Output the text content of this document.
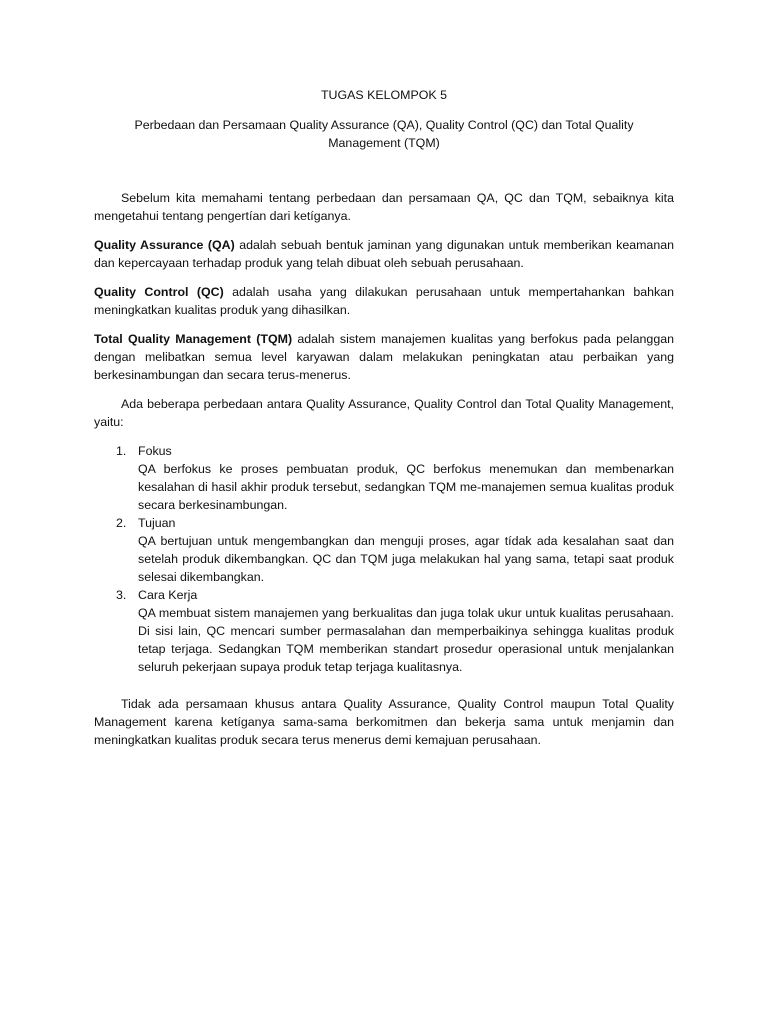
TUGAS KELOMPOK 5
Perbedaan dan Persamaan Quality Assurance (QA), Quality Control (QC) dan Total Quality
Management (TQM)

Sebelum kita memahami tentang perbedaan dan persamaan QA, QC dan TQM, sebaiknya kita mengetahui tentang pengertían dari ketíganya.

Quality Assurance (QA) adalah sebuah bentuk jaminan yang digunakan untuk memberikan keamanan dan kepercayaan terhadap produk yang telah dibuat oleh sebuah perusahaan.

Quality Control (QC) adalah usaha yang dilakukan perusahaan untuk mempertahankan bahkan meningkatkan kualitas produk yang dihasilkan.

Total Quality Management (TQM) adalah sistem manajemen kualitas yang berfokus pada pelanggan dengan melibatkan semua level karyawan dalam melakukan peningkatan atau perbaikan yang berkesinambungan dan secara terus-menerus.

Ada beberapa perbedaan antara Quality Assurance, Quality Control dan Total Quality Management, yaitu:

1. Fokus
QA berfokus ke proses pembuatan produk, QC berfokus menemukan dan membenarkan kesalahan di hasil akhir produk tersebut, sedangkan TQM me-manajemen semua kualitas produk secara berkesinambungan.
2. Tujuan
QA bertujuan untuk mengembangkan dan menguji proses, agar tídak ada kesalahan saat dan setelah produk dikembangkan. QC dan TQM juga melakukan hal yang sama, tetapi saat produk selesai dikembangkan.
3. Cara Kerja
QA membuat sistem manajemen yang berkualitas dan juga tolak ukur untuk kualitas perusahaan. Di sisi lain, QC mencari sumber permasalahan dan memperbaikinya sehingga kualitas produk tetap terjaga. Sedangkan TQM memberikan standart prosedur operasional untuk menjalankan seluruh pekerjaan supaya produk tetap terjaga kualitasnya.

Tidak ada persamaan khusus antara Quality Assurance, Quality Control maupun Total Quality Management karena ketíganya sama-sama berkomitmen dan bekerja sama untuk menjamin dan meningkatkan kualitas produk secara terus menerus demi kemajuan perusahaan.
